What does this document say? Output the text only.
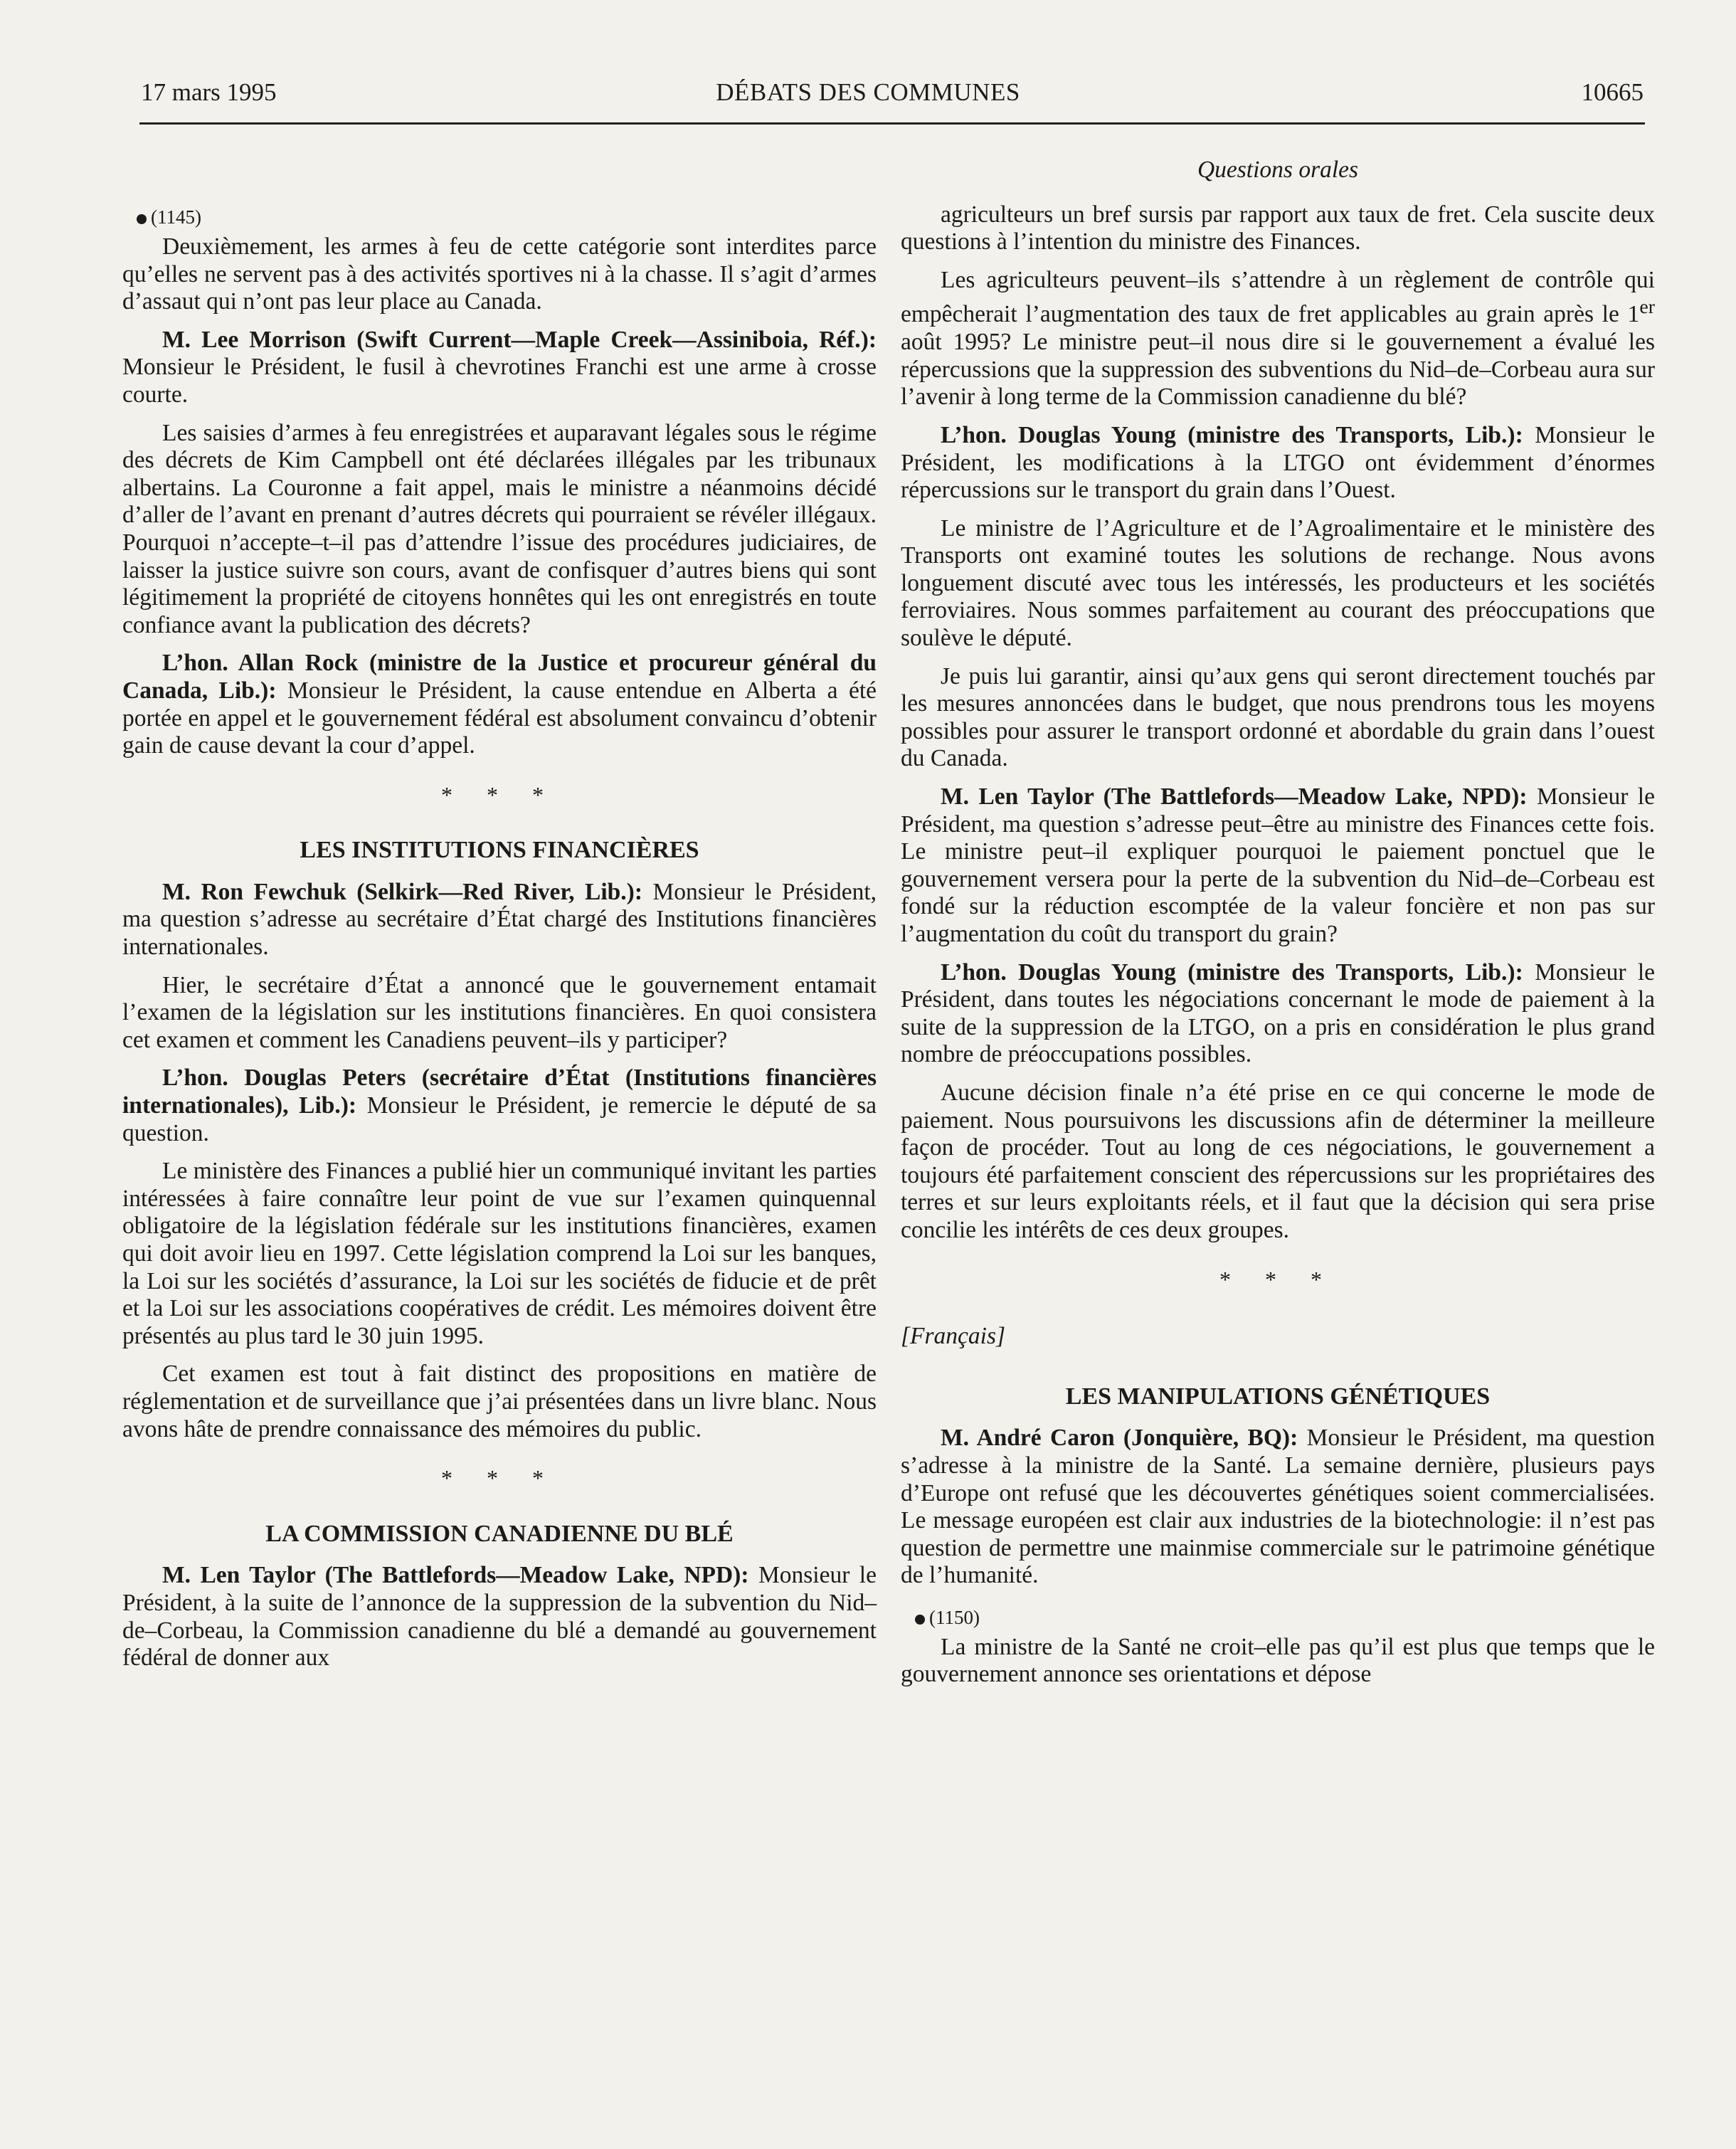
17 mars 1995	DÉBATS DES COMMUNES	10665
(1145)

Deuxièmement, les armes à feu de cette catégorie sont interdites parce qu’elles ne servent pas à des activités sportives ni à la chasse. Il s’agit d’armes d’assaut qui n’ont pas leur place au Canada.

M. Lee Morrison (Swift Current—Maple Creek—Assiniboia, Réf.): Monsieur le Président, le fusil à chevrotines Franchi est une arme à crosse courte.

Les saisies d’armes à feu enregistrées et auparavant légales sous le régime des décrets de Kim Campbell ont été déclarées illégales par les tribunaux albertains. La Couronne a fait appel, mais le ministre a néanmoins décidé d’aller de l’avant en prenant d’autres décrets qui pourraient se révéler illégaux. Pourquoi n’accepte–t–il pas d’attendre l’issue des procédures judiciaires, de laisser la justice suivre son cours, avant de confisquer d’autres biens qui sont légitimement la propriété de citoyens honnêtes qui les ont enregistrés en toute confiance avant la publication des décrets?

L’hon. Allan Rock (ministre de la Justice et procureur général du Canada, Lib.): Monsieur le Président, la cause entendue en Alberta a été portée en appel et le gouvernement fédéral est absolument convaincu d’obtenir gain de cause devant la cour d’appel.

* * *
LES INSTITUTIONS FINANCIÈRES

M. Ron Fewchuk (Selkirk—Red River, Lib.): Monsieur le Président, ma question s’adresse au secrétaire d’État chargé des Institutions financières internationales.

Hier, le secrétaire d’État a annoncé que le gouvernement entamait l’examen de la législation sur les institutions financières. En quoi consistera cet examen et comment les Canadiens peuvent–ils y participer?

L’hon. Douglas Peters (secrétaire d’État (Institutions financières internationales), Lib.): Monsieur le Président, je remercie le député de sa question.

Le ministère des Finances a publié hier un communiqué invitant les parties intéressées à faire connaître leur point de vue sur l’examen quinquennal obligatoire de la législation fédérale sur les institutions financières, examen qui doit avoir lieu en 1997. Cette législation comprend la Loi sur les banques, la Loi sur les sociétés d’assurance, la Loi sur les sociétés de fiducie et de prêt et la Loi sur les associations coopératives de crédit. Les mémoires doivent être présentés au plus tard le 30 juin 1995.

Cet examen est tout à fait distinct des propositions en matière de réglementation et de surveillance que j’ai présentées dans un livre blanc. Nous avons hâte de prendre connaissance des mémoires du public.

* * *
LA COMMISSION CANADIENNE DU BLÉ

M. Len Taylor (The Battlefords—Meadow Lake, NPD): Monsieur le Président, à la suite de l’annonce de la suppression de la subvention du Nid–de–Corbeau, la Commission canadienne du blé a demandé au gouvernement fédéral de donner aux

Questions orales

agriculteurs un bref sursis par rapport aux taux de fret. Cela suscite deux questions à l’intention du ministre des Finances.

Les agriculteurs peuvent–ils s’attendre à un règlement de contrôle qui empêcherait l’augmentation des taux de fret applicables au grain après le 1er août 1995? Le ministre peut–il nous dire si le gouvernement a évalué les répercussions que la suppression des subventions du Nid–de–Corbeau aura sur l’avenir à long terme de la Commission canadienne du blé?

L’hon. Douglas Young (ministre des Transports, Lib.): Monsieur le Président, les modifications à la LTGO ont évidemment d’énormes répercussions sur le transport du grain dans l’Ouest.

Le ministre de l’Agriculture et de l’Agroalimentaire et le ministère des Transports ont examiné toutes les solutions de rechange. Nous avons longuement discuté avec tous les intéressés, les producteurs et les sociétés ferroviaires. Nous sommes parfaitement au courant des préoccupations que soulève le député.

Je puis lui garantir, ainsi qu’aux gens qui seront directement touchés par les mesures annoncées dans le budget, que nous prendrons tous les moyens possibles pour assurer le transport ordonné et abordable du grain dans l’ouest du Canada.

M. Len Taylor (The Battlefords—Meadow Lake, NPD): Monsieur le Président, ma question s’adresse peut–être au ministre des Finances cette fois. Le ministre peut–il expliquer pourquoi le paiement ponctuel que le gouvernement versera pour la perte de la subvention du Nid–de–Corbeau est fondé sur la réduction escomptée de la valeur foncière et non pas sur l’augmentation du coût du transport du grain?

L’hon. Douglas Young (ministre des Transports, Lib.): Monsieur le Président, dans toutes les négociations concernant le mode de paiement à la suite de la suppression de la LTGO, on a pris en considération le plus grand nombre de préoccupations possibles.

Aucune décision finale n’a été prise en ce qui concerne le mode de paiement. Nous poursuivons les discussions afin de déterminer la meilleure façon de procéder. Tout au long de ces négociations, le gouvernement a toujours été parfaitement conscient des répercussions sur les propriétaires des terres et sur leurs exploitants réels, et il faut que la décision qui sera prise concilie les intérêts de ces deux groupes.

* * *
[Français]
LES MANIPULATIONS GÉNÉTIQUES

M. André Caron (Jonquière, BQ): Monsieur le Président, ma question s’adresse à la ministre de la Santé. La semaine dernière, plusieurs pays d’Europe ont refusé que les découvertes génétiques soient commercialisées. Le message européen est clair aux industries de la biotechnologie: il n’est pas question de permettre une mainmise commerciale sur le patrimoine génétique de l’humanité.

(1150)

La ministre de la Santé ne croit–elle pas qu’il est plus que temps que le gouvernement annonce ses orientations et dépose
